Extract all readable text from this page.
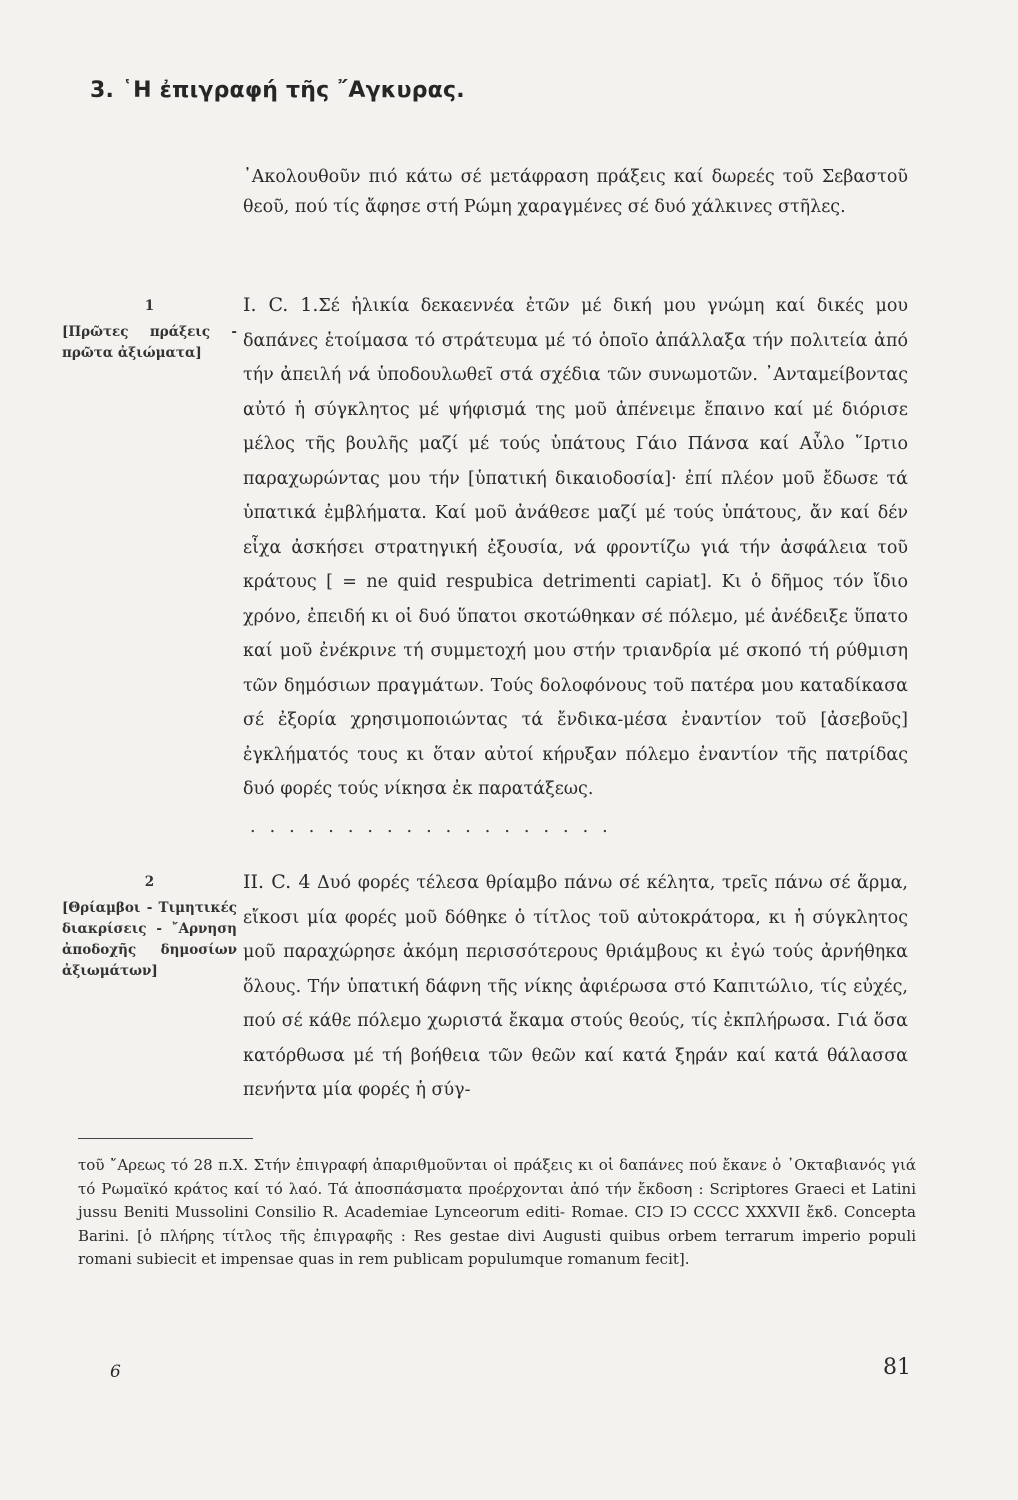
3. ῾Η ἐπιγραφή τῆς ῎Αγκυρας.

᾿Ακολουθοῦν πιό κάτω σέ μετάφραση πράξεις καί δωρεές τοῦ Σεβαστοῦ θεοῦ, πού τίς ἄφησε στή Ρώμη χαραγμένες σέ δυό χάλκινες στῆλες.

1
[Πρῶτες πράξεις - πρῶτα ἀξιώματα]

I. C. 1.Σέ ἡλικία δεκαεννέα ἐτῶν μέ δική μου γνώμη καί δικές μου δαπάνες ἑτοίμασα τό στράτευμα μέ τό ὁποῖο ἀπάλλαξα τήν πολιτεία ἀπό τήν ἀπειλή νά ὑποδουλωθεῖ στά σχέδια τῶν συνωμοτῶν. ᾿Ανταμείβοντας αὐτό ἡ σύγκλητος μέ ψήφισμά της μοῦ ἀπένειμε ἔπαινο καί μέ διόρισε μέλος τῆς βουλῆς μαζί μέ τούς ὑπάτους Γάιο Πάνσα καί Αὖλο ῞Ιρτιο παραχωρώντας μου τήν [ὑπατική δικαιοδοσία]· ἐπί πλέον μοῦ ἔδωσε τά ὑπατικά ἐμβλήματα. Καί μοῦ ἀνάθεσε μαζί μέ τούς ὑπάτους, ἄν καί δέν εἶχα ἀσκήσει στρατηγική ἐξουσία, νά φροντίζω γιά τήν ἀσφάλεια τοῦ κράτους [ = ne quid respubica detrimenti capiat]. Κι ὁ δῆμος τόν ἴδιο χρόνο, ἐπειδή κι οἱ δυό ὕπατοι σκοτώθηκαν σέ πόλεμο, μέ ἀνέδειξε ὕπατο καί μοῦ ἐνέκρινε τή συμμετοχή μου στήν τριανδρία μέ σκοπό τή ρύθμιση τῶν δημόσιων πραγμάτων. Τούς δολοφόνους τοῦ πατέρα μου καταδίκασα σέ ἐξορία χρησιμοποιώντας τά ἔνδικα-μέσα ἐναντίον τοῦ [ἀσεβοῦς] ἐγκλήματός τους κι ὅταν αὐτοί κήρυξαν πόλεμο ἐναντίον τῆς πατρίδας δυό φορές τούς νίκησα ἐκ παρατάξεως.

...................
2
[Θρίαμβοι - Τιμητικές διακρίσεις - ῎Αρνηση ἀποδοχῆς δημοσίων ἀξιωμάτων]

II. C. 4 Δυό φορές τέλεσα θρίαμβο πάνω σέ κέλητα, τρεῖς πάνω σέ ἅρμα, εἴκοσι μία φορές μοῦ δόθηκε ὁ τίτλος τοῦ αὐτοκράτορα, κι ἡ σύγκλητος μοῦ παραχώρησε ἀκόμη περισσότερους θριάμβους κι ἐγώ τούς ἀρνήθηκα ὅλους. Τήν ὑπατική δάφνη τῆς νίκης ἀφιέρωσα στό Καπιτώλιο, τίς εὐχές, πού σέ κάθε πόλεμο χωριστά ἔκαμα στούς θεούς, τίς ἐκπλήρωσα. Γιά ὅσα κατόρθωσα μέ τή βοήθεια τῶν θεῶν καί κατά ξηράν καί κατά θάλασσα πενήντα μία φορές ἡ σύγ-

τοῦ ῎Αρεως τό 28 π.Χ. Στήν ἐπιγραφή ἀπαριθμοῦνται οἱ πράξεις κι οἱ δαπάνες πού ἔκανε ὁ ᾿Οκταβιανός γιά τό Ρωμαϊκό κράτος καί τό λαό. Τά ἀποσπάσματα προέρχονται ἀπό τήν ἔκδοση : Scriptores Graeci et Latini jussu Beniti Mussolini Consilio R. Academiae Lynceorum editi- Romae. CIϽ IϽ CCCC XXXVII ἔκδ. Concepta Barini. [ὁ πλήρης τίτλος τῆς ἐπιγραφῆς : Res gestae divi Augusti quibus orbem terrarum imperio populi romani subiecit et impensae quas in rem publicam populumque romanum fecit].

6	81
